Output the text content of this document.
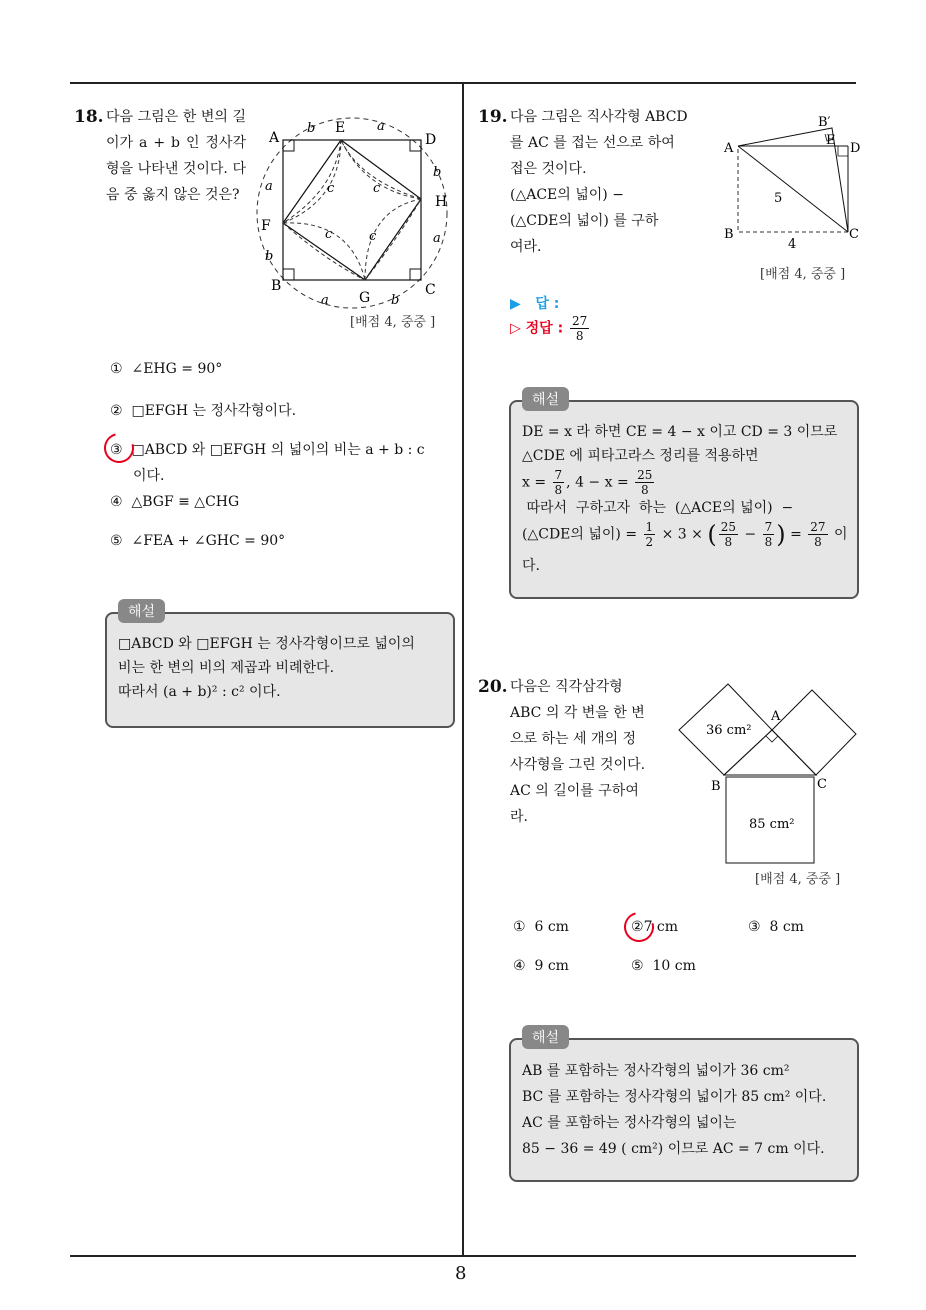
8
18. 다음 그림은 한 변의 길이가 a + b 인 정사각형을 나타낸 것이다. 다음 중 옳지 않은 것은?
A
E
D
H
C
G
B
F
b	a
b
a
b
a
b
a	c	c
c	c
[배점 4, 중중 ]
① ∠EHG = 90°
② □EFGH 는 정사각형이다.
③ □ABCD 와 □EFGH 의 넓이의 비는 a + b : c
이다.
④ △BGF ≡ △CHG
⑤ ∠FEA + ∠GHC = 90°
해설
□ABCD 와 □EFGH 는 정사각형이므로 넓이의
비는 한 변의 비의 제곱과 비례한다.
따라서 (a + b)² : c² 이다.
19. 다음 그림은 직사각형 ABCD
를 AC 를 접는 선으로 하여
접은 것이다.
(△ACE의 넓이) −
(△CDE의 넓이) 를 구하
여라.
A
B′
E
D
B	C
5
4
[배점 4, 중중 ]
▶   답 :
▷ 정답 : $\frac{27}{8}$
해설
DE = x 라 하면 CE = 4 − x 이고 CD = 3 이므로
△CDE 에 피타고라스 정리를 적용하면
$x = \frac{7}{8}$ , $4 - x = \frac{25}{8}$
따라서  구하고자  하는  (△ACE의 넓이)  −
(△CDE의 넓이) = $\frac{1}{2} \times 3$ × ( $\frac{25}{8} - \frac{7}{8}$ ) = $\frac{27}{8}$ 이
다.
20. 다음은 직각삼각형
ABC 의 각 변을 한 변
으로 하는 세 개의 정
사각형을 그린 것이다.
AC 의 길이를 구하여
라.
A
B	C
36 cm²
85 cm²
[배점 4, 중중 ]
① 6 cm	②7 cm	③ 8 cm
④ 9 cm	⑤ 10 cm
해설
AB 를 포함하는 정사각형의 넓이가 36 cm²
BC 를 포함하는 정사각형의 넓이가 85 cm² 이다.
AC 를 포함하는 정사각형의 넓이는
85 − 36 = 49 ( cm²) 이므로 AC = 7 cm 이다.
